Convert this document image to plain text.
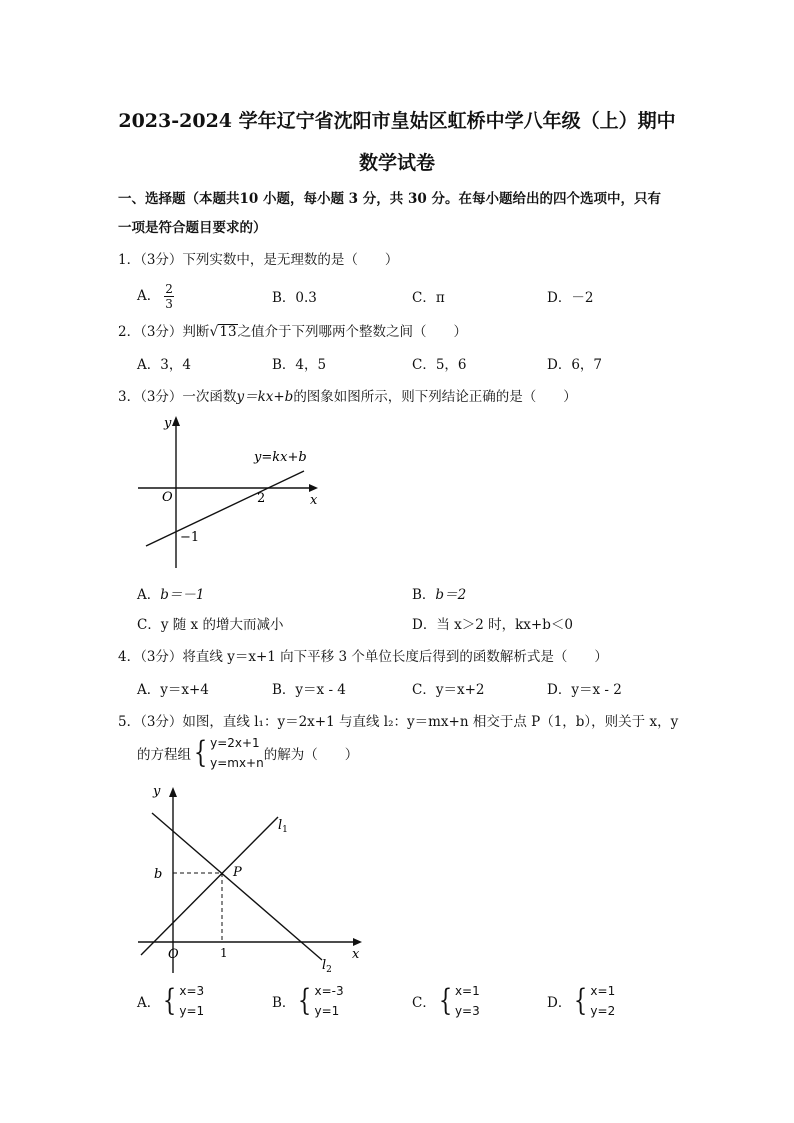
2023-2024 学年辽宁省沈阳市皇姑区虹桥中学八年级（上）期中
数学试卷
一、选择题（本题共10 小题，每小题 3 分，共 30 分。在每小题给出的四个选项中，只有
一项是符合题目要求的）
1．（3分）下列实数中，是无理数的是（　　）
A． $\frac{2}{3}$	B．0.3	C．π	D．－2
2．（3分）判断√13之值介于下列哪两个整数之间（　　）
A．3，4	B．4，5	C．5，6	D．6，7
3．（3分）一次函数y＝kx+b的图象如图所示，则下列结论正确的是（　　）
y
x
O	2
−1
y=kx+b
A．b＝－1	B．b＝2
C．y 随 x 的增大而减小	D．当 x＞2 时，kx+b＜0
4．（3分）将直线 y＝x+1 向下平移 3 个单位长度后得到的函数解析式是（　　）
A．y＝x+4	B．y＝x - 4	C．y＝x+2	D．y＝x - 2
5．（3分）如图，直线 l₁：y＝2x+1 与直线 l₂：y＝mx+n 相交于点 P（1，b），则关于 x，y
的方程组{ y=2x+1
y=mx+n 的解为（　　）
y
x
O	1
b	P
$l_1$
$l_2$
A．{ x=3
y=1	B．{ x=-3
y=1	C．{ x=1
y=3	D．{ x=1
y=2
